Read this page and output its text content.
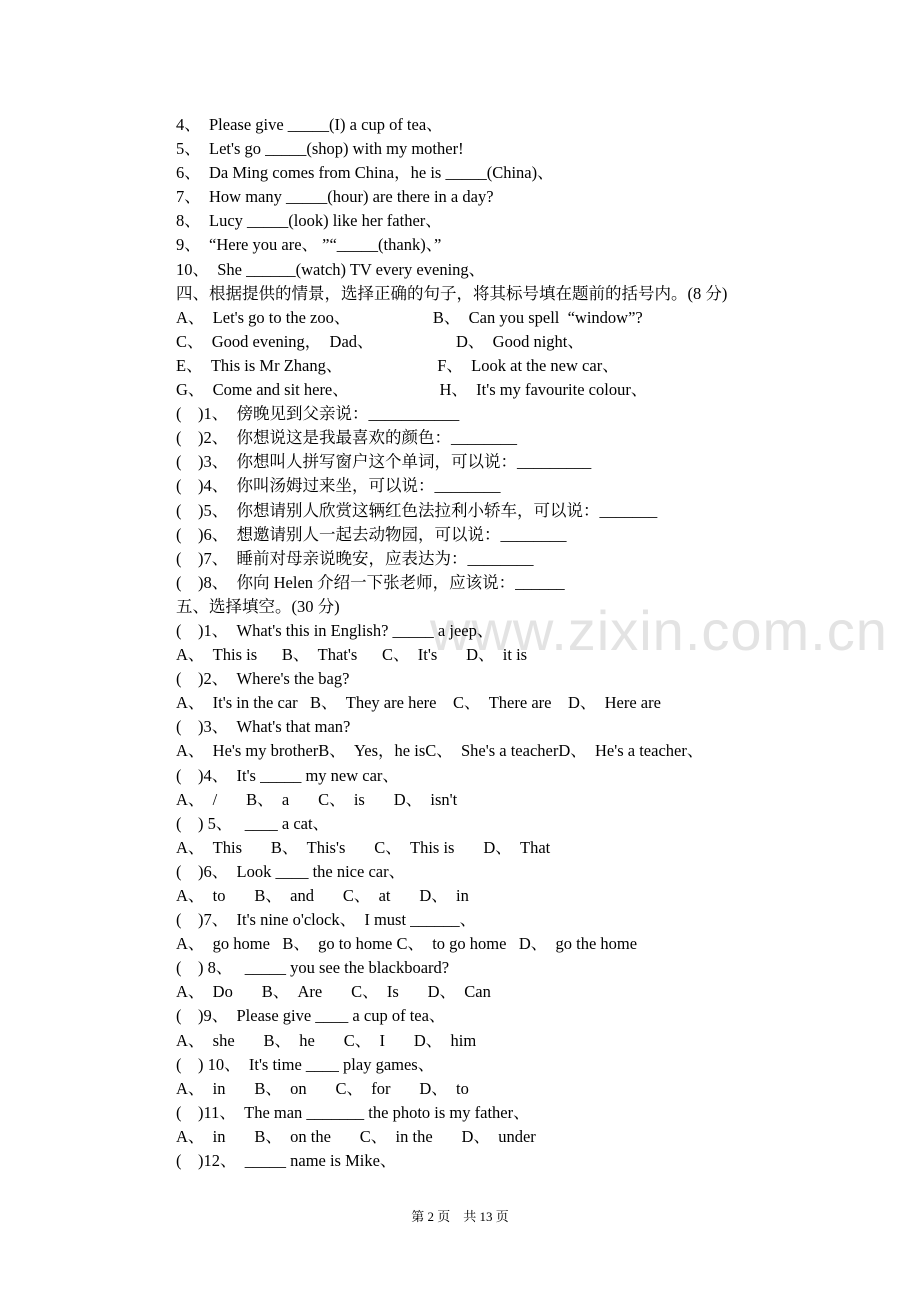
www.zixin.com.cn
4、  Please give _____(I) a cup of tea、
5、  Let's go _____(shop) with my mother!
6、  Da Ming comes from China，he is _____(China)、
7、  How many _____(hour) are there in a day?
8、  Lucy _____(look) like her father、
9、  “Here you are、 ”“_____(thank)、”
10、  She ______(watch) TV every evening、
四、根据提供的情景，选择正确的句子，将其标号填在题前的括号内。(8 分)
A、  Let's go to the zoo、                    B、  Can you spell  “window”?
C、  Good evening，  Dad、                    D、  Good night、
E、  This is Mr Zhang、                       F、  Look at the new car、
G、  Come and sit here、                      H、  It's my favourite colour、
(    )1、  傍晚见到父亲说：___________
(    )2、  你想说这是我最喜欢的颜色：________
(    )3、  你想叫人拼写窗户这个单词，可以说：_________
(    )4、  你叫汤姆过来坐，可以说：________
(    )5、  你想请别人欣赏这辆红色法拉利小轿车，可以说：_______
(    )6、  想邀请别人一起去动物园，可以说：________
(    )7、  睡前对母亲说晚安，应表达为：________
(    )8、  你向 Helen 介绍一下张老师，应该说：______
五、选择填空。(30 分)
(    )1、  What's this in English? _____ a jeep、
A、  This is      B、  That's      C、  It's       D、  it is
(    )2、  Where's the bag?
A、  It's in the car   B、  They are here    C、  There are    D、  Here are
(    )3、  What's that man?
A、  He's my brotherB、  Yes，he isC、  She's a teacherD、  He's a teacher、
(    )4、  It's _____ my new car、
A、  /       B、  a       C、  is       D、  isn't
(    ) 5、   ____ a cat、
A、  This       B、  This's       C、  This is       D、  That
(    )6、  Look ____ the nice car、
A、  to       B、  and       C、  at       D、  in
(    )7、  It's nine o'clock、  I must ______、
A、  go home   B、  go to home C、  to go home   D、  go the home
(    ) 8、   _____ you see the blackboard?
A、  Do       B、  Are       C、  Is       D、  Can
(    )9、  Please give ____ a cup of tea、
A、  she       B、  he       C、  I       D、  him
(    ) 10、  It's time ____ play games、
A、  in       B、  on       C、  for       D、  to
(    )11、  The man _______ the photo is my father、
A、  in       B、  on the       C、  in the       D、  under
(    )12、  _____ name is Mike、
第 2 页    共 13 页
